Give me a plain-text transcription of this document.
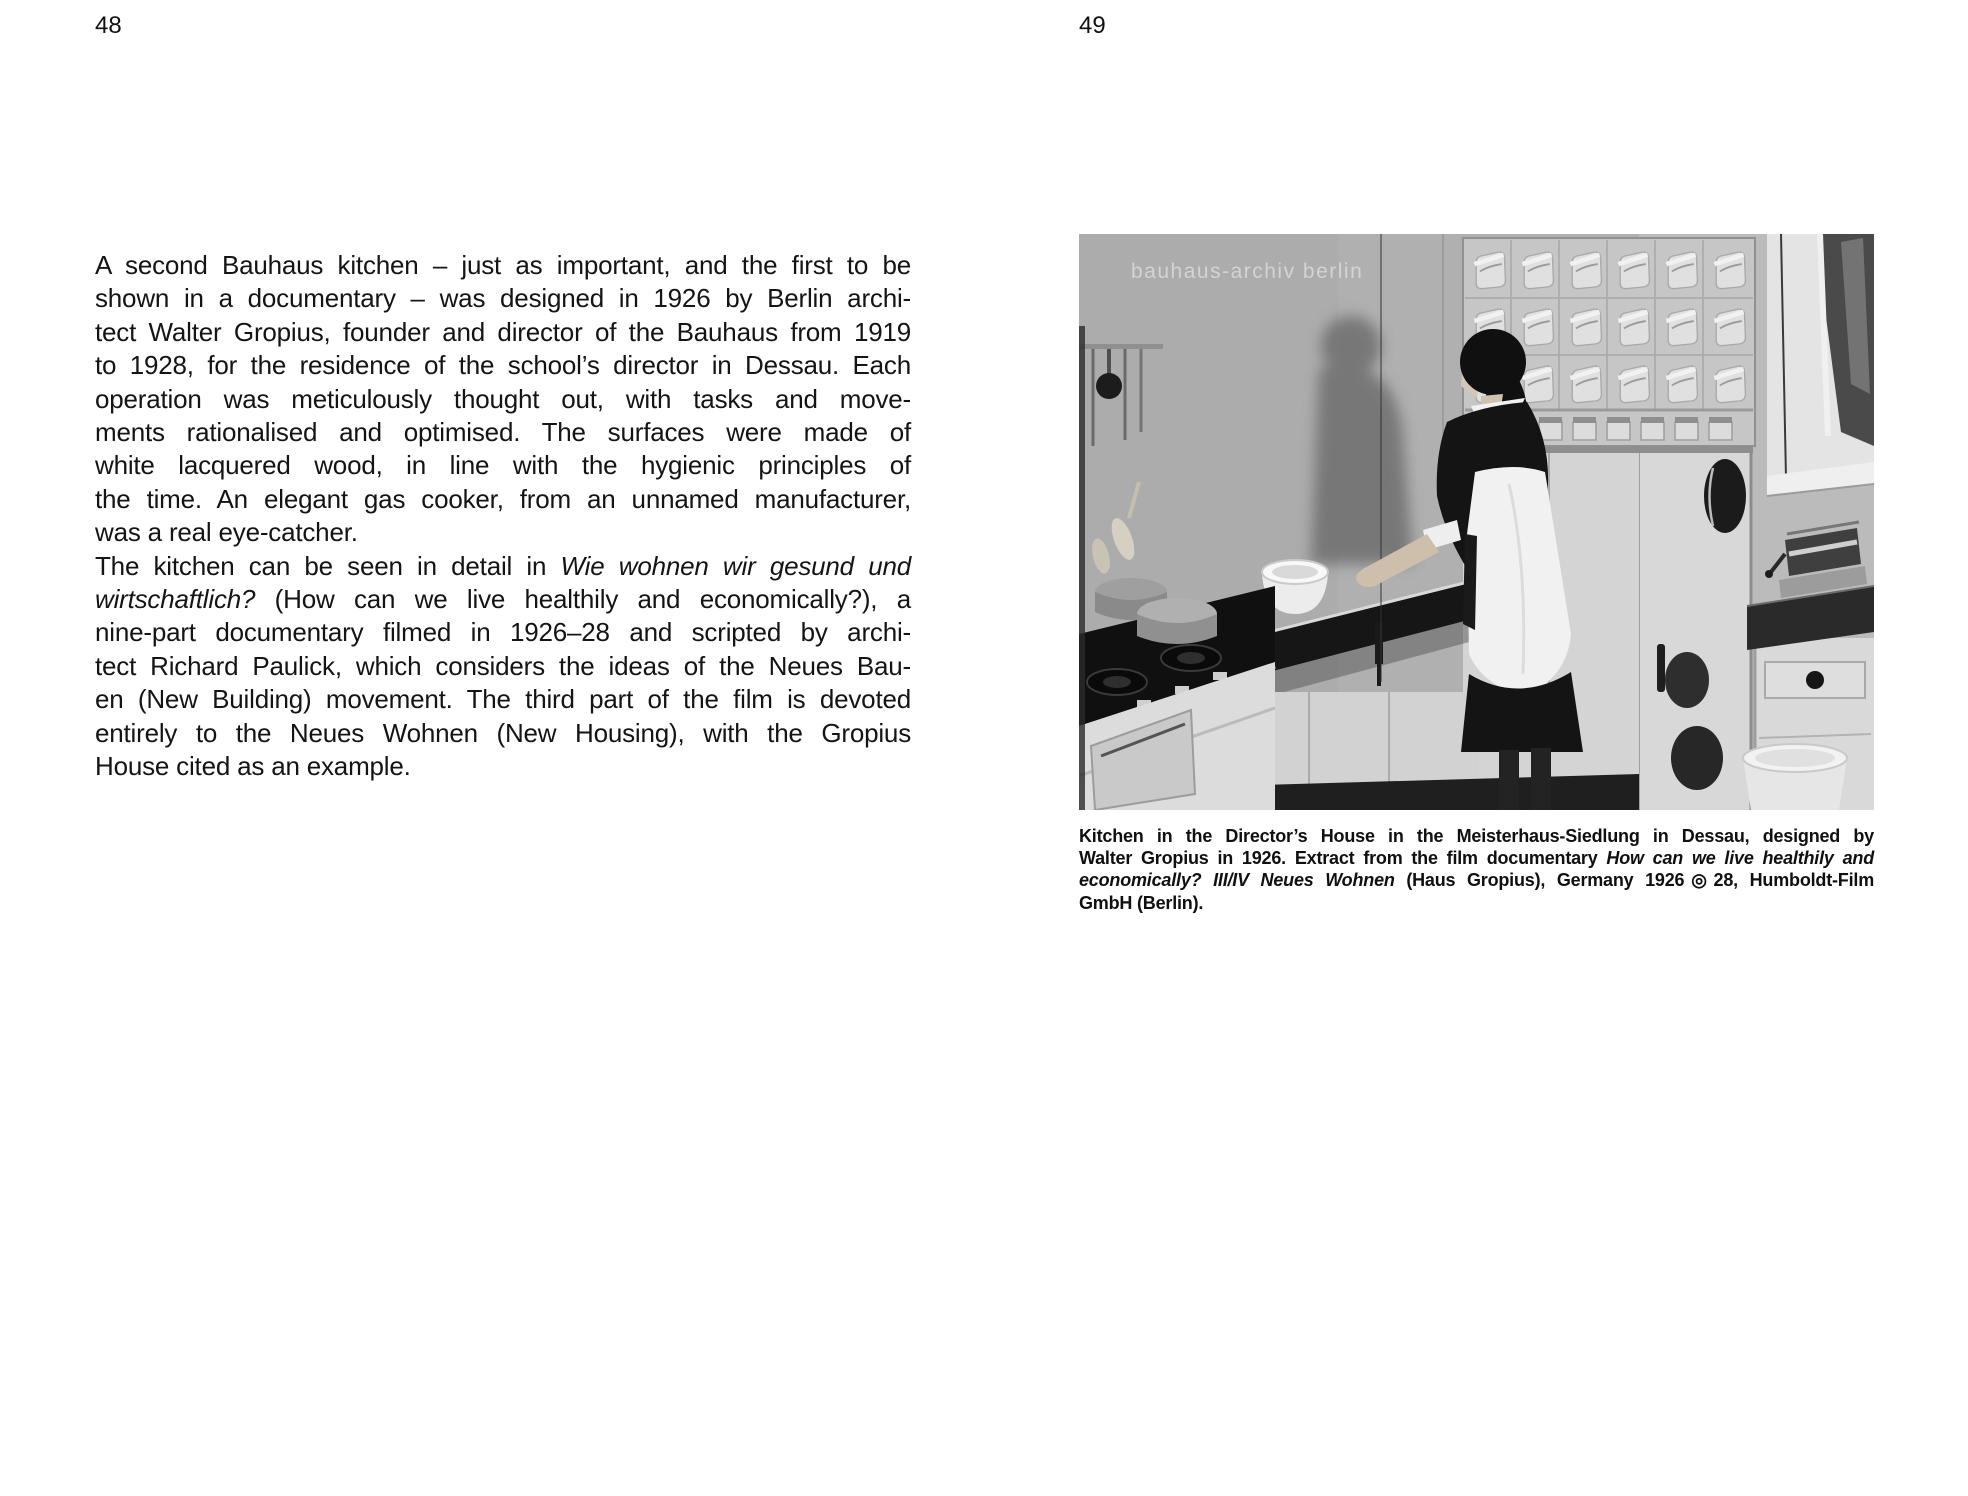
48
A second Bauhaus kitchen – just as important, and the first to be
shown in a documentary – was designed in 1926 by Berlin archi-
tect Walter Gropius, founder and director of the Bauhaus from 1919
to 1928, for the residence of the school’s director in Dessau. Each
operation was meticulously thought out, with tasks and move-
ments rationalised and optimised. The surfaces were made of
white lacquered wood, in line with the hygienic principles of
the time. An elegant gas cooker, from an unnamed manufacturer,
was a real eye-catcher.
The kitchen can be seen in detail in Wie wohnen wir gesund und
wirtschaftlich? (How can we live healthily and economically?), a
nine-part documentary filmed in 1926–28 and scripted by archi-
tect Richard Paulick, which considers the ideas of the Neues Bau-
en (New Building) movement. The third part of the film is devoted
entirely to the Neues Wohnen (New Housing), with the Gropius
House cited as an example.
49
bauhaus-archiv berlin
Kitchen in the Director’s House in the Meisterhaus-Siedlung in Dessau, designed by
Walter Gropius in 1926. Extract from the film documentary How can we live healthily and
economically? III/IV Neues Wohnen (Haus Gropius), Germany 1926◎28, Humboldt-Film
GmbH (Berlin).
